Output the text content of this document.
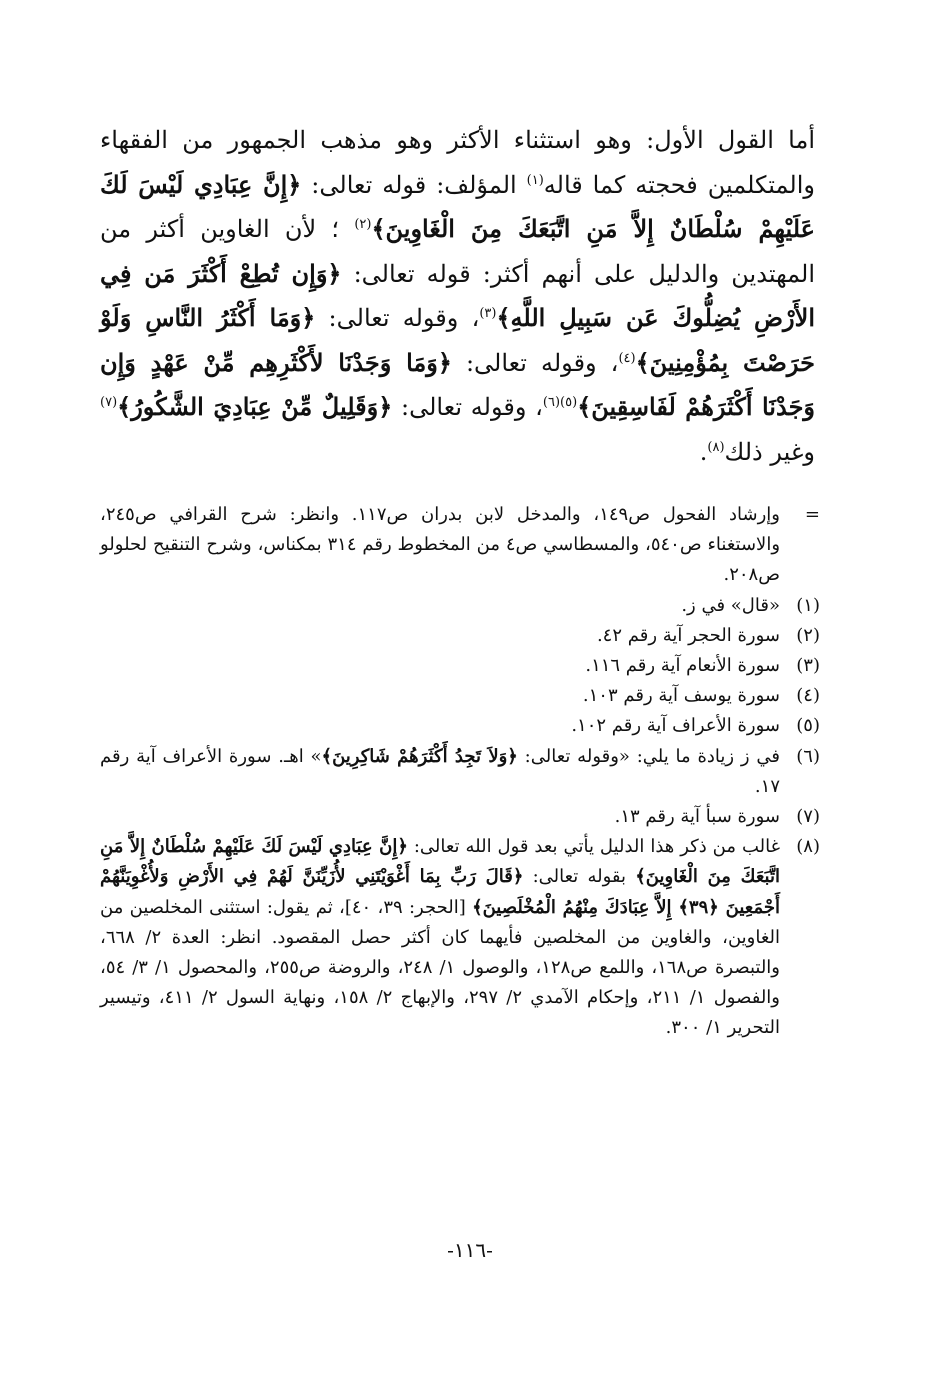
أما القول الأول: وهو استثناء الأكثر وهو مذهب الجمهور من الفقهاء والمتكلمين فحجته كما قاله$^{(١)}$ المؤلف: قوله تعالى: ﴿إِنَّ عِبَادِي لَيْسَ لَكَ عَلَيْهِمْ سُلْطَانٌ إِلاَّ مَنِ اتَّبَعَكَ مِنَ الْغَاوِينَ﴾$^{(٢)}$ ؛ لأن الغاوين أكثر من المهتدين والدليل على أنهم أكثر: قوله تعالى: ﴿وَإِن تُطِعْ أَكْثَرَ مَن فِي الأَرْضِ يُضِلُّوكَ عَن سَبِيلِ اللَّهِ﴾$^{(٣)}$، وقوله تعالى: ﴿وَمَا أَكْثَرُ النَّاسِ وَلَوْ حَرَصْتَ بِمُؤْمِنِينَ﴾$^{(٤)}$، وقوله تعالى: ﴿وَمَا وَجَدْنَا لأَكْثَرِهِم مِّنْ عَهْدٍ وَإِن وَجَدْنَا أَكْثَرَهُمْ لَفَاسِقِينَ﴾$^{(٥)(٦)}$، وقوله تعالى: ﴿وَقَلِيلٌ مِّنْ عِبَادِيَ الشَّكُورُ﴾$^{(٧)}$ وغير ذلك$^{(٨)}$.

=
وإرشاد الفحول ص١٤٩، والمدخل لابن بدران ص١١٧. وانظر: شرح القرافي ص٢٤٥، والاستغناء ص٥٤٠، والمسطاسي ص٤ من المخطوط رقم ٣١٤ بمكناس، وشرح التنقيح لحلولو ص٢٠٨.
(١)
«قال» في ز.
(٢)
سورة الحجر آية رقم ٤٢.
(٣)
سورة الأنعام آية رقم ١١٦.
(٤)
سورة يوسف آية رقم ١٠٣.
(٥)
سورة الأعراف آية رقم ١٠٢.
(٦)
في ز زيادة ما يلي: «وقوله تعالى: ﴿وَلاَ تَجِدُ أَكْثَرَهُمْ شَاكِرِينَ﴾» اهـ. سورة الأعراف آية رقم ١٧.
(٧)
سورة سبأ آية رقم ١٣.
(٨)
غالب من ذكر هذا الدليل يأتي بعد قول الله تعالى: ﴿إِنَّ عِبَادِي لَيْسَ لَكَ عَلَيْهِمْ سُلْطَانٌ إِلاَّ مَنِ اتَّبَعَكَ مِنَ الْغَاوِينَ﴾ بقوله تعالى: ﴿قَالَ رَبِّ بِمَا أَغْوَيْتَنِي لأُزَيِّنَنَّ لَهُمْ فِي الأَرْضِ وَلأُغْوِيَنَّهُمْ أَجْمَعِينَ ﴿٣٩﴾ إِلاَّ عِبَادَكَ مِنْهُمُ الْمُخْلَصِينَ﴾ [الحجر: ٣٩، ٤٠]، ثم يقول: استثنى المخلصين من الغاوين، والغاوين من المخلصين فأيهما كان أكثر حصل المقصود. انظر: العدة ٢/ ٦٦٨، والتبصرة ص١٦٨، واللمع ص١٢٨، والوصول ١/ ٢٤٨، والروضة ص٢٥٥، والمحصول ١/ ٣/ ٥٤، والفصول ١/ ٢١١، وإحكام الآمدي ٢/ ٢٩٧، والإبهاج ٢/ ١٥٨، ونهاية السول ٢/ ٤١١، وتيسير التحرير ١/ ٣٠٠.
-١١٦-
